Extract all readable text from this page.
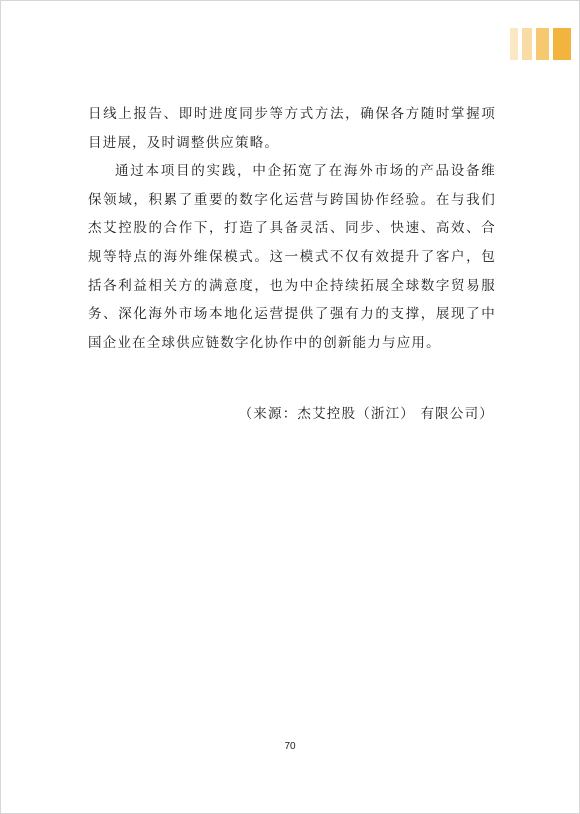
日线上报告、即时进度同步等方式方法，确保各方随时掌握项目进展，及时调整供应策略。

通过本项目的实践，中企拓宽了在海外市场的产品设备维保领域，积累了重要的数字化运营与跨国协作经验。在与我们杰艾控股的合作下，打造了具备灵活、同步、快速、高效、合规等特点的海外维保模式。这一模式不仅有效提升了客户，包括各利益相关方的满意度，也为中企持续拓展全球数字贸易服务、深化海外市场本地化运营提供了强有力的支撑，展现了中国企业在全球供应链数字化协作中的创新能力与应用。

（来源：杰艾控股（浙江） 有限公司）
70
